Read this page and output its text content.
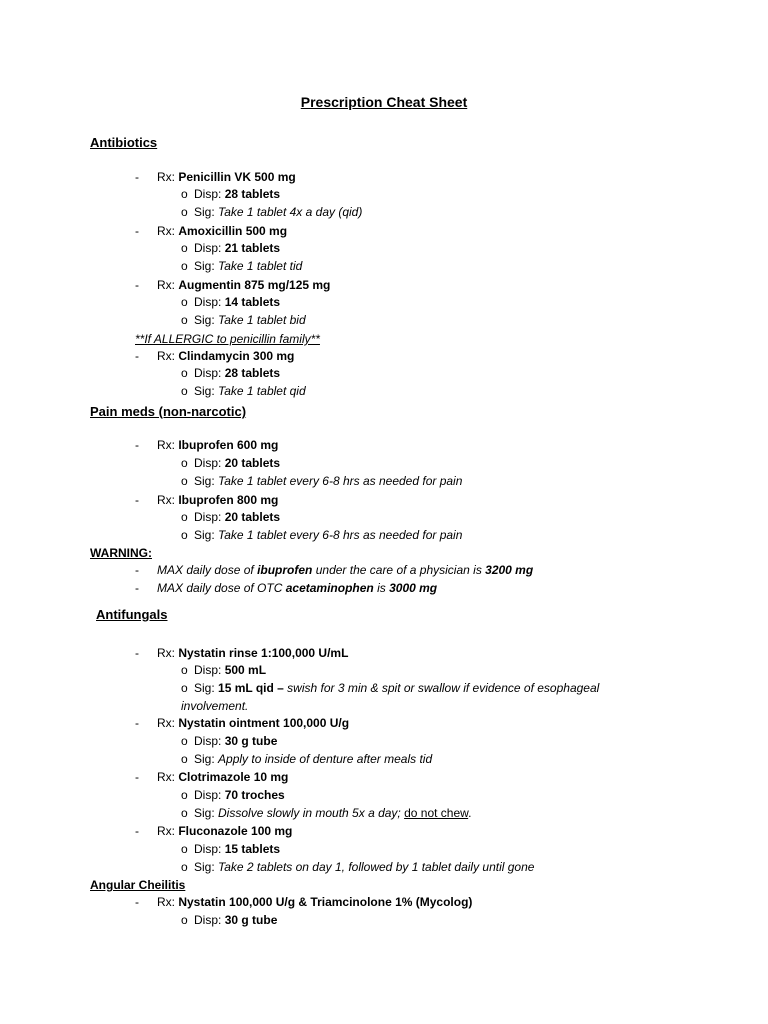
Prescription Cheat Sheet
Antibiotics
- Rx: Penicillin VK 500 mg
o Disp: 28 tablets
o Sig: Take 1 tablet 4x a day (qid)
- Rx: Amoxicillin 500 mg
o Disp: 21 tablets
o Sig: Take 1 tablet tid
- Rx: Augmentin 875 mg/125 mg
o Disp: 14 tablets
o Sig: Take 1 tablet bid
**If ALLERGIC to penicillin family**
- Rx: Clindamycin 300 mg
o Disp: 28 tablets
o Sig: Take 1 tablet qid
Pain meds (non-narcotic)
- Rx: Ibuprofen 600 mg
o Disp: 20 tablets
o Sig: Take 1 tablet every 6-8 hrs as needed for pain
- Rx: Ibuprofen 800 mg
o Disp: 20 tablets
o Sig: Take 1 tablet every 6-8 hrs as needed for pain
WARNING:
- MAX daily dose of ibuprofen under the care of a physician is 3200 mg
- MAX daily dose of OTC acetaminophen is 3000 mg
Antifungals
- Rx: Nystatin rinse 1:100,000 U/mL
o Disp: 500 mL
o Sig: 15 mL qid – swish for 3 min & spit or swallow if evidence of esophageal
involvement.
- Rx: Nystatin ointment 100,000 U/g
o Disp: 30 g tube
o Sig: Apply to inside of denture after meals tid
- Rx: Clotrimazole 10 mg
o Disp: 70 troches
o Sig: Dissolve slowly in mouth 5x a day; do not chew.
- Rx: Fluconazole 100 mg
o Disp: 15 tablets
o Sig: Take 2 tablets on day 1, followed by 1 tablet daily until gone
Angular Cheilitis
- Rx: Nystatin 100,000 U/g & Triamcinolone 1% (Mycolog)
o Disp: 30 g tube
